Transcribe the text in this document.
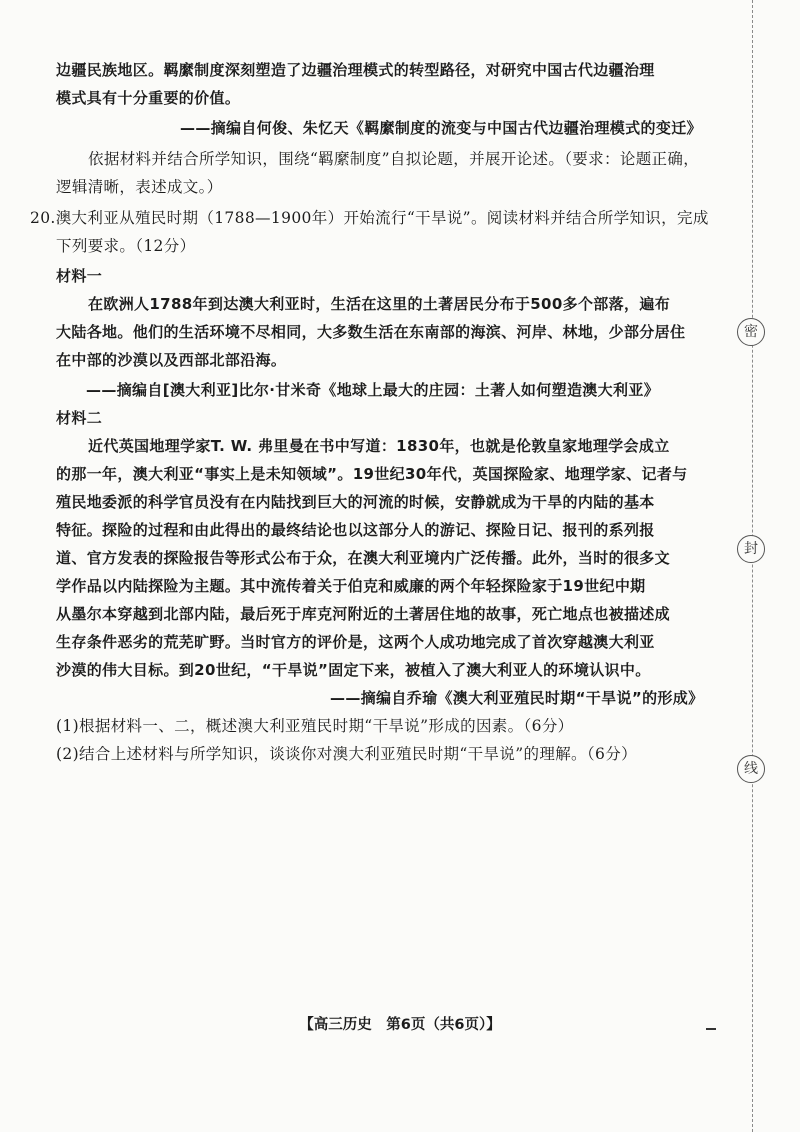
密
封
线
边疆民族地区。羁縻制度深刻塑造了边疆治理模式的转型路径，对研究中国古代边疆治理
模式具有十分重要的价值。
——摘编自何俊、朱忆天《羁縻制度的流变与中国古代边疆治理模式的变迁》
依据材料并结合所学知识，围绕“羁縻制度”自拟论题，并展开论述。（要求：论题正确，
逻辑清晰，表述成文。）
20.澳大利亚从殖民时期（1788—1900年）开始流行“干旱说”。阅读材料并结合所学知识，完成
下列要求。（12分）
材料一
在欧洲人1788年到达澳大利亚时，生活在这里的土著居民分布于500多个部落，遍布
大陆各地。他们的生活环境不尽相同，大多数生活在东南部的海滨、河岸、林地，少部分居住
在中部的沙漠以及西部北部沿海。
——摘编自[澳大利亚]比尔·甘米奇《地球上最大的庄园：土著人如何塑造澳大利亚》
材料二
近代英国地理学家T. W. 弗里曼在书中写道：1830年，也就是伦敦皇家地理学会成立
的那一年，澳大利亚“事实上是未知领域”。19世纪30年代，英国探险家、地理学家、记者与
殖民地委派的科学官员没有在内陆找到巨大的河流的时候，安静就成为干旱的内陆的基本
特征。探险的过程和由此得出的最终结论也以这部分人的游记、探险日记、报刊的系列报
道、官方发表的探险报告等形式公布于众，在澳大利亚境内广泛传播。此外，当时的很多文
学作品以内陆探险为主题。其中流传着关于伯克和威廉的两个年轻探险家于19世纪中期
从墨尔本穿越到北部内陆，最后死于库克河附近的土著居住地的故事，死亡地点也被描述成
生存条件恶劣的荒芜旷野。当时官方的评价是，这两个人成功地完成了首次穿越澳大利亚
沙漠的伟大目标。到20世纪，“干旱说”固定下来，被植入了澳大利亚人的环境认识中。
——摘编自乔瑜《澳大利亚殖民时期“干旱说”的形成》
(1)根据材料一、二，概述澳大利亚殖民时期“干旱说”形成的因素。（6分）
(2)结合上述材料与所学知识，谈谈你对澳大利亚殖民时期“干旱说”的理解。（6分）
【高三历史　第6页（共6页）】
